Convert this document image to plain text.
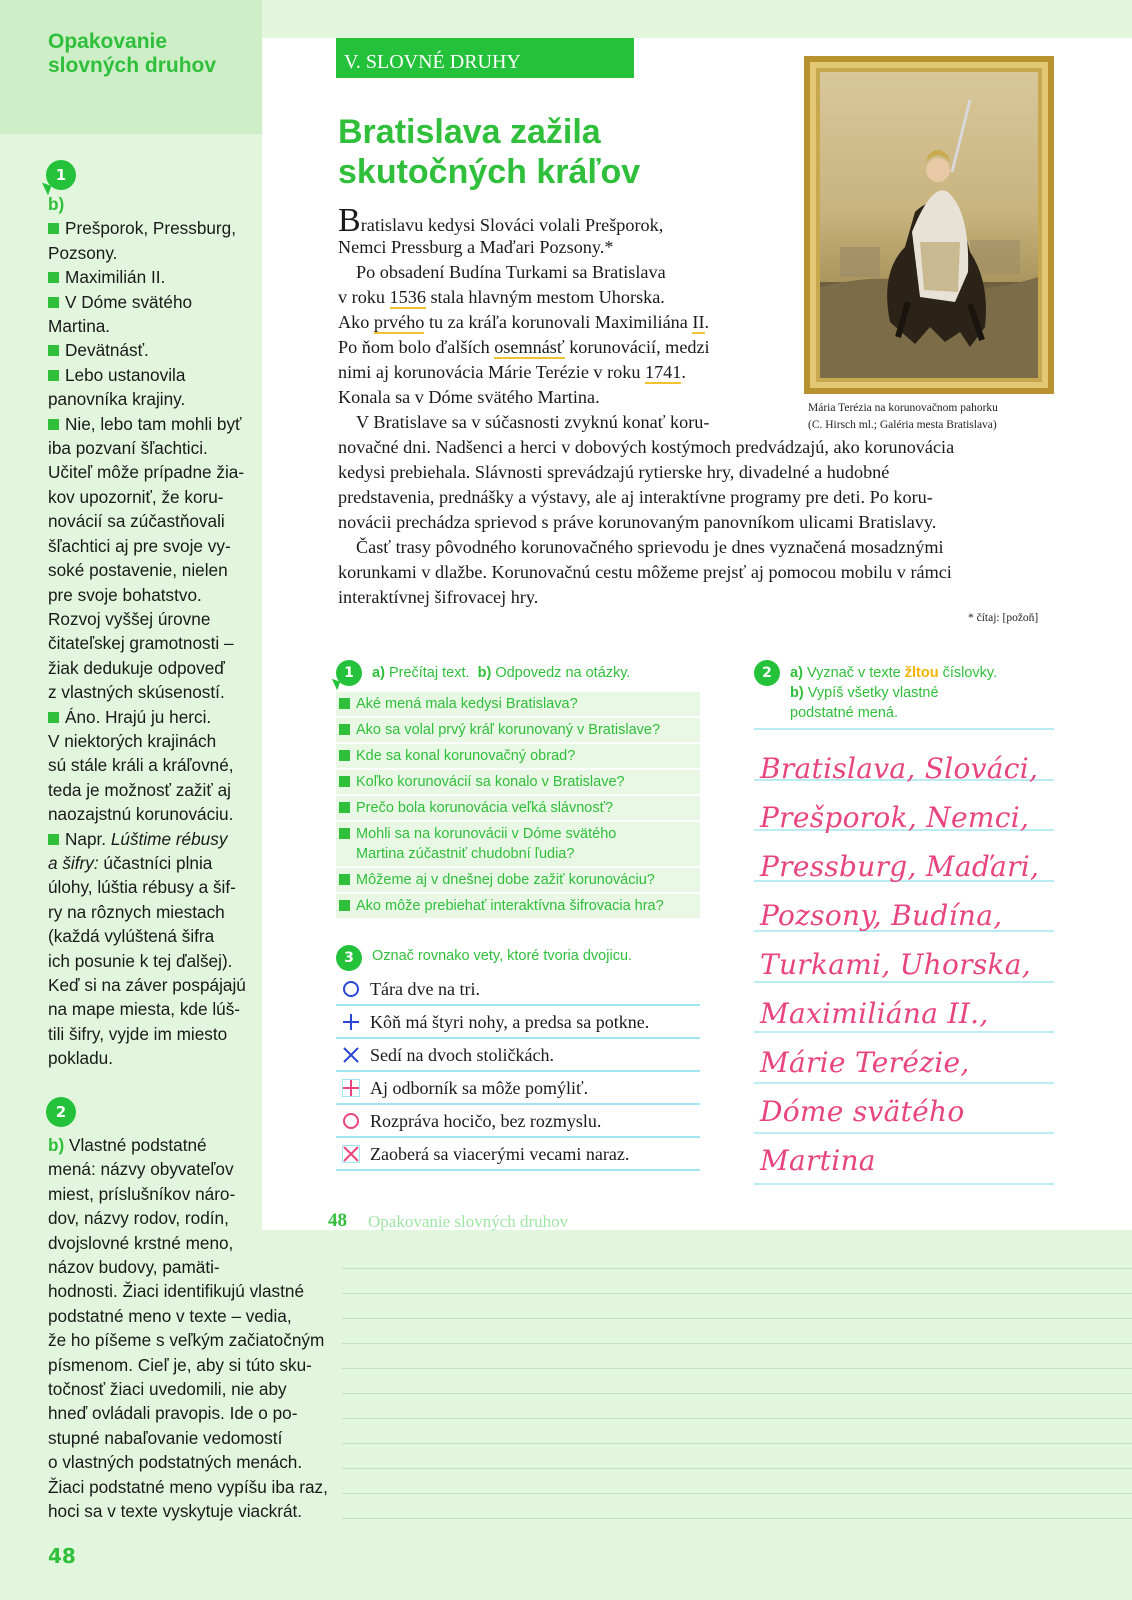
Opakovanie
slovných druhov
1

b)

Prešporok, Pressburg,

Pozsony.

Maximilián II.

V Dóme svätého

Martina.

Devätnásť.

Lebo ustanovila

panovníka krajiny.

Nie, lebo tam mohli byť

iba pozvaní šľachtici.

Učiteľ môže prípadne žia-

kov upozorniť, že koru-

novácií sa zúčastňovali

šľachtici aj pre svoje vy-

soké postavenie, nielen

pre svoje bohatstvo.

Rozvoj vyššej úrovne

čitateľskej gramotnosti –

žiak dedukuje odpoveď

z vlastných skúseností.

Áno. Hrajú ju herci.

V niektorých krajinách

sú stále králi a kráľovné,

teda je možnosť zažiť aj

naozajstnú korunováciu.

Napr. Lúštime rébusy

a šifry: účastníci plnia

úlohy, lúštia rébusy a šif-

ry na rôznych miestach

(každá vylúštená šifra

ich posunie k tej ďalšej).

Keď si na záver pospájajú

na mape miesta, kde lúš-

tili šifry, vyjde im miesto

pokladu.

2

b) Vlastné podstatné

mená: názvy obyvateľov

miest, príslušníkov náro-

dov, názvy rodov, rodín,

dvojslovné krstné meno,

názov budovy, pamäti-

hodnosti. Žiaci identifikujú vlastné

podstatné meno v texte – vedia,

že ho píšeme s veľkým začiatočným

písmenom. Cieľ je, aby si túto sku-

točnosť žiaci uvedomili, nie aby

hneď ovládali pravopis. Ide o po-

stupné nabaľovanie vedomostí

o vlastných podstatných menách.

Žiaci podstatné meno vypíšu iba raz,

hoci sa v texte vyskytuje viackrát.

48
V. SLOVNÉ DRUHY
Bratislava zažila
skutočných kráľov
Mária Terézia na korunovačnom pahorku
(C. Hirsch ml.; Galéria mesta Bratislava)
Bratislavu kedysi Slováci volali Prešporok,
Nemci Pressburg a Maďari Pozsony.*
Po obsadení Budína Turkami sa Bratislava
v roku 1536 stala hlavným mestom Uhorska.
Ako prvého tu za kráľa korunovali Maximiliána II.
Po ňom bolo ďalších osemnásť korunovácií, medzi
nimi aj korunovácia Márie Terézie v roku 1741.
Konala sa v Dóme svätého Martina.
V Bratislave sa v súčasnosti zvyknú konať koru-
novačné dni. Nadšenci a herci v dobových kostýmoch predvádzajú, ako korunovácia
kedysi prebiehala. Slávnosti sprevádzajú rytierske hry, divadelné a hudobné
predstavenia, prednášky a výstavy, ale aj interaktívne programy pre deti. Po koru-
novácii prechádza sprievod s práve korunovaným panovníkom ulicami Bratislavy.
Časť trasy pôvodného korunovačného sprievodu je dnes vyznačená mosadznými
korunkami v dlažbe. Korunovačnú cestu môžeme prejsť aj pomocou mobilu v rámci
interaktívnej šifrovacej hry.
* čítaj: [požoň]
1	a) Prečítaj text. b) Odpovedz na otázky.
Aké mená mala kedysi Bratislava?
Ako sa volal prvý kráľ korunovaný v Bratislave?
Kde sa konal korunovačný obrad?
Koľko korunovácií sa konalo v Bratislave?
Prečo bola korunovácia veľká slávnosť?
Mohli sa na korunovácii v Dóme svätého Martina zúčastniť chudobní ľudia?
Môžeme aj v dnešnej dobe zažiť korunováciu?
Ako môže prebiehať interaktívna šifrovacia hra?
2	a) Vyznač v texte žltou číslovky.
b) Vypíš všetky vlastné podstatné mená.
Bratislava, Slováci,
Prešporok, Nemci,
Pressburg, Maďari,
Pozsony, Budína,
Turkami, Uhorska,
Maximiliána II.,
Márie Terézie,
Dóme svätého
Martina
3	Označ rovnako vety, ktoré tvoria dvojicu.
Tára dve na tri.
Kôň má štyri nohy, a predsa sa potkne.
Sedí na dvoch stoličkách.
Aj odborník sa môže pomýliť.
Rozpráva hocičo, bez rozmyslu.
Zaoberá sa viacerými vecami naraz.
48 Opakovanie slovných druhov
